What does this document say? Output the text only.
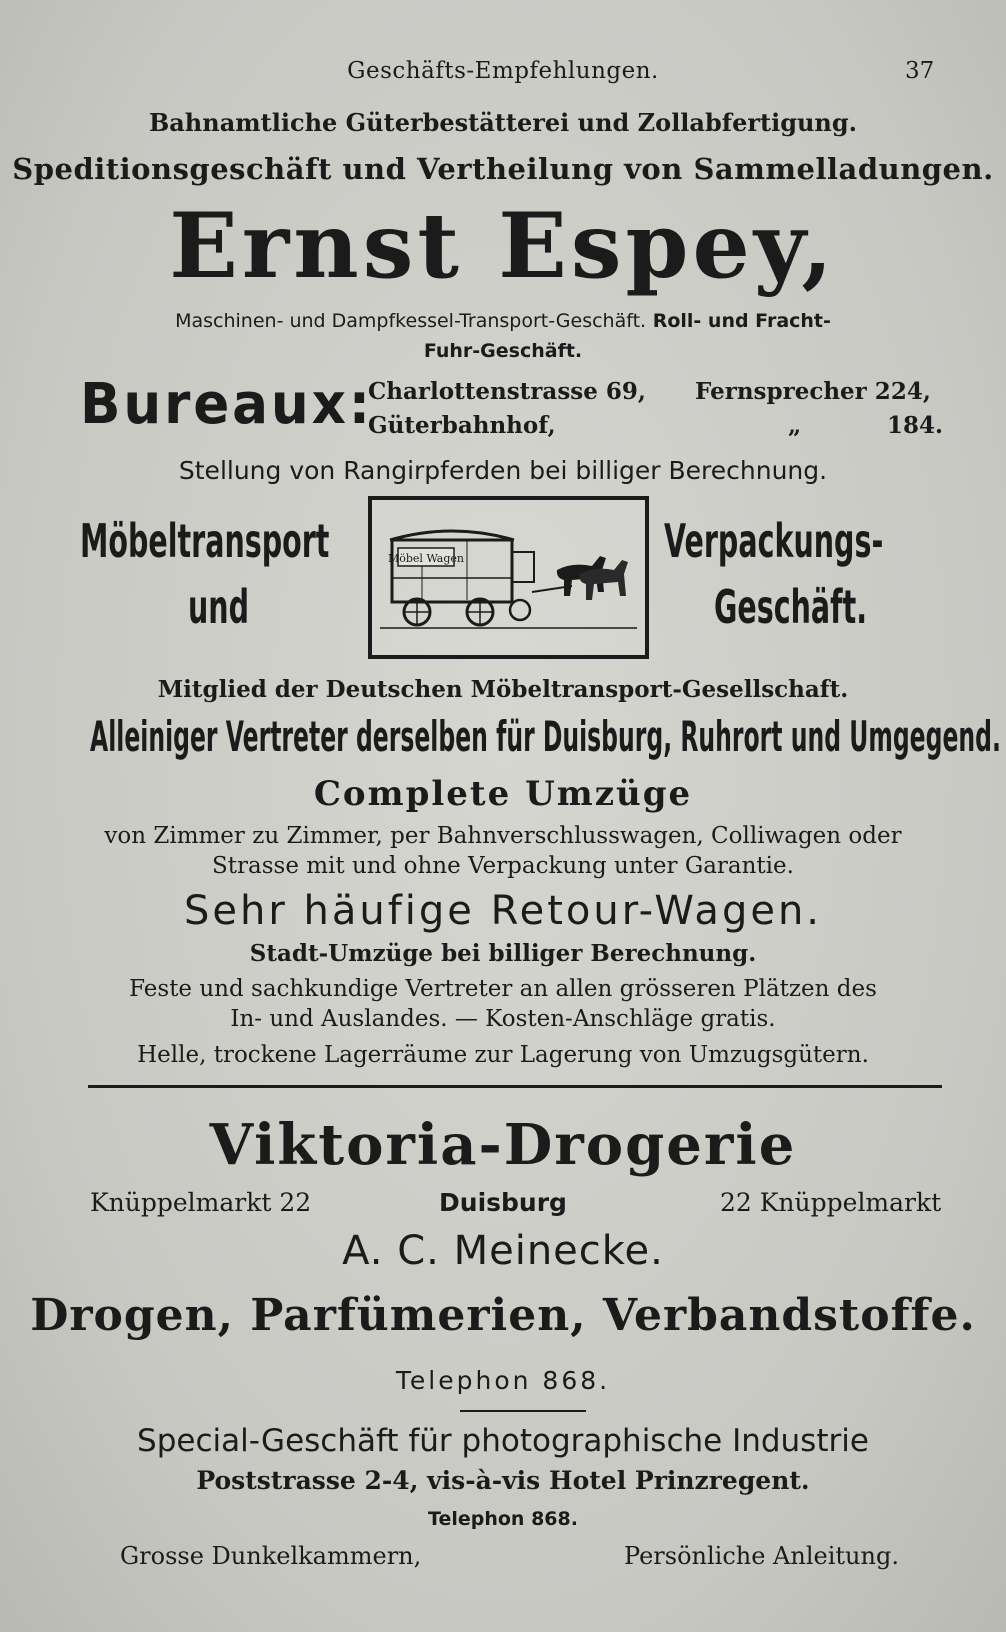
Geschäfts-Empfehlungen.	37
Bahnamtliche Güterbestätterei und Zollabfertigung.
Speditionsgeschäft und Vertheilung von Sammelladungen.
Ernst Espey,
Maschinen- und Dampfkessel-Transport-Geschäft. Roll- und Fracht-
Fuhr-Geschäft.
Bureaux:
Charlottenstrasse 69, Fernsprecher 224,
Güterbahnhof,	„	184.
Stellung von Rangirpferden bei billiger Berechnung.
Möbeltransport
und
Möbel Wagen	Verpackungs-
Geschäft.
Mitglied der Deutschen Möbeltransport-Gesellschaft.
Alleiniger Vertreter derselben für Duisburg, Ruhrort und Umgegend.
Complete Umzüge
von Zimmer zu Zimmer, per Bahnverschlusswagen, Colliwagen oder
Strasse mit und ohne Verpackung unter Garantie.
Sehr häufige Retour-Wagen.
Stadt-Umzüge bei billiger Berechnung.
Feste und sachkundige Vertreter an allen grösseren Plätzen des
In- und Auslandes. — Kosten-Anschläge gratis.
Helle, trockene Lagerräume zur Lagerung von Umzugsgütern.
Viktoria-Drogerie
Knüppelmarkt 22	Duisburg	22 Knüppelmarkt
A. C. Meinecke.
Drogen, Parfümerien, Verbandstoffe.
Telephon 868.
Special-Geschäft für photographische Industrie
Poststrasse 2-4, vis-à-vis Hotel Prinzregent.
Telephon 868.
Grosse Dunkelkammern,	Persönliche Anleitung.
